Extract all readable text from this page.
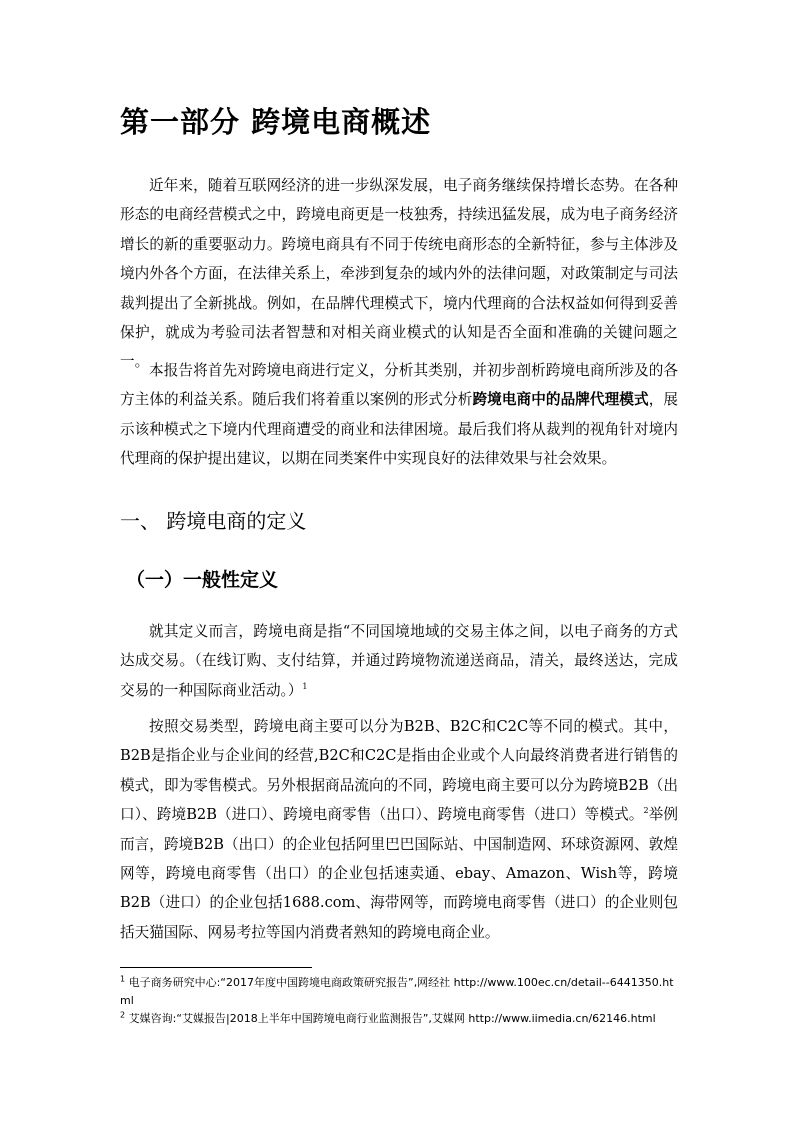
第一部分 跨境电商概述

近年来，随着互联网经济的进一步纵深发展，电子商务继续保持增长态势。在各种形态的电商经营模式之中，跨境电商更是一枝独秀，持续迅猛发展，成为电子商务经济增长的新的重要驱动力。跨境电商具有不同于传统电商形态的全新特征，参与主体涉及境内外各个方面，在法律关系上，牵涉到复杂的域内外的法律问题，对政策制定与司法裁判提出了全新挑战。例如，在品牌代理模式下，境内代理商的合法权益如何得到妥善保护，就成为考验司法者智慧和对相关商业模式的认知是否全面和准确的关键问题之一。

本报告将首先对跨境电商进行定义，分析其类别，并初步剖析跨境电商所涉及的各方主体的利益关系。随后我们将着重以案例的形式分析跨境电商中的品牌代理模式，展示该种模式之下境内代理商遭受的商业和法律困境。最后我们将从裁判的视角针对境内代理商的保护提出建议，以期在同类案件中实现良好的法律效果与社会效果。

一、 跨境电商的定义
（一）一般性定义

就其定义而言，跨境电商是指“不同国境地域的交易主体之间，以电子商务的方式达成交易。（在线订购、支付结算，并通过跨境物流递送商品，清关，最终送达，完成交易的一种国际商业活动。）$^1$

按照交易类型，跨境电商主要可以分为B2B、B2C和C2C等不同的模式。其中，B2B是指企业与企业间的经营,B2C和C2C是指由企业或个人向最终消费者进行销售的模式，即为零售模式。另外根据商品流向的不同，跨境电商主要可以分为跨境B2B（出口）、跨境B2B（进口）、跨境电商零售（出口）、跨境电商零售（进口）等模式。$^2$举例而言，跨境B2B（出口）的企业包括阿里巴巴国际站、中国制造网、环球资源网、敦煌网等，跨境电商零售（出口）的企业包括速卖通、ebay、Amazon、Wish等，跨境B2B（进口）的企业包括1688.com、海带网等，而跨境电商零售（进口）的企业则包括天猫国际、网易考拉等国内消费者熟知的跨境电商企业。

$^1$ 电子商务研究中心:“2017年度中国跨境电商政策研究报告”,网经社 http://www.100ec.cn/detail--6441350.html

$^2$ 艾媒咨询:“艾媒报告|2018上半年中国跨境电商行业监测报告”,艾媒网 http://www.iimedia.cn/62146.html
